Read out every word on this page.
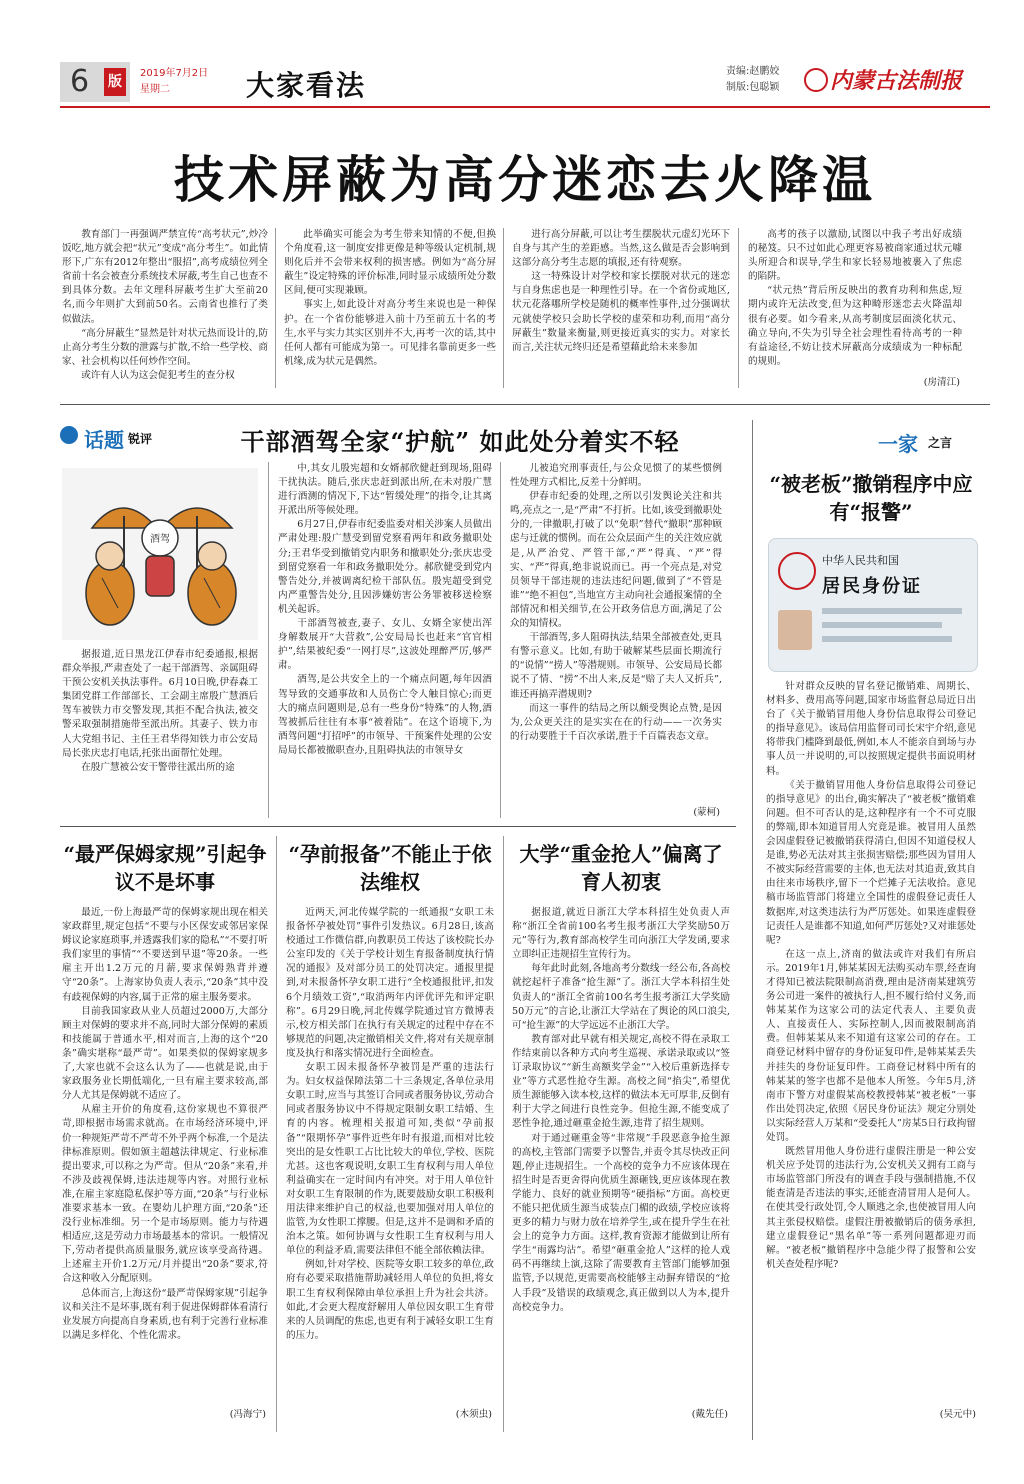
6 版
2019年7月2日
星期二	大家看法	责编:赵鹏姣
制版:包聪颖 内蒙古法制报
技术屏蔽为高分迷恋去火降温

教育部门一再强调严禁宣传“高考状元”,炒冷饭吃,地方就会把“状元”变成“高分考生”。如此情形下,广东有2012年整出“服招”,高考成绩位列全省前十名会被查分系统技术屏蔽,考生自己也查不到具体分数。去年文理科屏蔽考生扩大至前20名,而今年则扩大到前50名。云南省也推行了类似做法。

“高分屏蔽生”显然是针对状元热而设计的,防止高分考生分数的泄露与扩散,不给一些学校、商家、社会机构以任何炒作空间。

或许有人认为这会促犯考生的查分权

此举确实可能会为考生带来知情的不便,但换个角度看,这一制度安排更像是种等级认定机制,规则化后并不会带来权利的损害感。例如为“高分屏蔽生”设定特殊的评价标准,同时显示成绩所处分数区间,便可实现兼顾。

事实上,如此设计对高分考生来说也是一种保护。在一个省份能够进入前十乃至前五十名的考生,水平与实力其实区别并不大,再考一次的话,其中任何人都有可能成为第一。可见排名靠前更多一些机缘,成为状元是偶然。

进行高分屏蔽,可以让考生摆脱状元虚幻光环下自身与其产生的差距感。当然,这么做是否会影响到这部分高分考生志愿的填报,还有待观察。

这一特殊设计对学校和家长摆脱对状元的迷恋与自身焦虑也是一种理性引导。在一个省份或地区,状元花落哪所学校是随机的概率性事件,过分强调状元就使学校只会助长学校的虚荣和功利,而用“高分屏蔽生”数量来衡量,则更接近真实的实力。对家长而言,关注状元终归还是希望藉此给未来参加

高考的孩子以激励,试图以中我子考出好成绩的秘笈。只不过如此心理更容易被商家通过状元噱头所迎合和误导,学生和家长轻易地被裹入了焦虑的陷阱。

“状元热”背后所反映出的教育功利和焦虑,短期内或许无法改变,但为这种畸形迷恋去火降温却很有必要。如今看来,从高考制度层面淡化状元、确立导向,不失为引导全社会理性看待高考的一种有益途径,不妨让技术屏蔽高分成绩成为一种标配的规则。

(房清江)
话题 锐评	干部酒驾全家“护航” 如此处分着实不轻
酒驾

据报道,近日黑龙江伊春市纪委通报,根据群众举报,严肃查处了一起干部酒驾、亲属阻碍干预公安机关执法事件。6月10日晚,伊春森工集团党群工作部部长、工会副主席殷广慧酒后驾车被铁力市交警发现,其拒不配合执法,被交警采取强制措施带至派出所。其妻子、铁力市人大党组书记、主任王君华得知铁力市公安局局长张庆忠打电话,托张出面帮忙处理。

在殷广慧被公安干警带往派出所的途

中,其女儿殷宪超和女婿郝欣健赶到现场,阻碍干扰执法。随后,张庆忠赶到派出所,在未对殷广慧进行酒测的情况下,下达“暂缓处理”的指令,让其离开派出所等候处理。

6月27日,伊春市纪委监委对相关涉案人员做出严肃处理:殷广慧受到留党察看两年和政务撤职处分;王君华受到撤销党内职务和撤职处分;张庆忠受到留党察看一年和政务撤职处分。郝欣健受到党内警告处分,并被调离纪检干部队伍。殷宪超受到党内严重警告处分,且因涉嫌妨害公务罪被移送检察机关起诉。

干部酒驾被查,妻子、女儿、女婿全家使出浑身解数展开“大营救”,公安局局长也赶来“官官相护”,结果被纪委“一网打尽”,这波处理醉严厉,够严肃。

酒驾,是公共安全上的一个痛点问题,每年因酒驾导致的交通事故和人员伤亡令人触目惊心;而更大的痛点问题则是,总有一些身份“特殊”的人物,酒驾被抓后往往有本事“被着陆”。在这个语境下,为酒驾问题“打招呼”的市领导、干预案件处理的公安局局长都被撤职查办,且阻碍执法的市领导女

儿被追究刑事责任,与公众见惯了的某些惯例性处理方式相比,反差十分鲜明。

伊春市纪委的处理,之所以引发舆论关注和共鸣,亮点之一,是“严肃”不打折。比如,该受到撤职处分的,一律撤职,打破了以“免职”替代“撤职”那种顾虑与迁就的惯例。而在公众层面产生的关注效应就是,从严治党、严管干部,“严”得真、“严”得实、“严”得真,绝非说说而已。再一个亮点是,对党员领导干部违规的违法违纪问题,做到了“不管是谁”“绝不袒包”,当地宣方主动向社会通报案情的全部情况和相关细节,在公开政务信息方面,满足了公众的知情权。

干部酒驾,多人阻碍执法,结果全部被查处,更具有警示意义。比如,有助于破解某些层面长期流行的“说情”“捞人”等潜规则。市领导、公安局局长都说不了情、“捞”不出人来,反是“赔了夫人又折兵”,谁还再搞弄潜规则?

而这一事件的结局之所以颇受舆论点赞,是因为,公众更关注的是实实在在的行动——一次务实的行动要胜于千百次承诺,胜于千百篇表态文章。

(蒙柯)
一家 之言
“被老板”撤销程序中应有“报警”
中华人民共和国
居民身份证

针对群众反映的冒名登记撤销难、周期长、材料多、费用高等问题,国家市场监督总局近日出台了《关于撤销冒用他人身份信息取得公司登记的指导意见》。该局信用监督司司长宋宇介绍,意见将带我门槛降到最低,例如,本人不能亲自到场与办事人员一并说明的,可以按照规定提供书面说明材料。

《关于撤销冒用他人身份信息取得公司登记的指导意见》的出台,确实解决了“被老板”撤销难问题。但不可否认的是,这种程序有一个不可克服的弊端,即本知道冒用人究竟是谁。被冒用人虽然会因虚假登记被撤销获得清白,但因不知道侵权人是谁,势必无法对其主张损害赔偿;那些因为冒用人不被实际经营需要的主体,也无法对其追责,致其自由往来市场秩序,留下一个烂摊子无法收拾。意见稿市场监管部门将建立全国性的虚假登记责任人数据库,对这类违法行为严厉惩处。如果连虚假登记责任人是谁都不知道,如何严厉惩处?又对谁惩处呢?

在这一点上,济南的做法或许对我们有所启示。2019年1月,韩某某因无法购买动车票,经查询才得知已被法院限制高消费,理由是济南某建筑劳务公司进一案件的被执行人,担不履行给付义务,而韩某某作为这家公司的法定代表人、主要负责人、直接责任人、实际控制人,因而被限制高消费。但韩某某从来不知道有这家公司的存在。工商登记材料中留存的身份证复印件,是韩某某丢失并挂失的身份证复印件。工商登记材料中所有的韩某某的签字也都不是他本人所签。今年5月,济南市下警方对虚假某高校教授韩某“被老板”一事作出处罚决定,依照《居民身份证法》规定分别处以实际经营人万某和“受委托人”房某5日行政拘留处罚。

既然冒用他人身份进行虚假注册是一种公安机关应予处罚的违法行为,公安机关又拥有工商与市场监管部门所没有的调查手段与强制措施,不仅能查清是否违法的事实,还能查清冒用人是何人。在使其受行政处罚,令人顺逃之余,也使被冒用人向其主张侵权赔偿。虚假注册被撤销后的债务承担,建立虚假登记“黑名单”等一系列问题都迎刃而解。“被老板”撤销程序中急能少得了报警和公安机关查处程序呢?

(吴元中)
“最严保姆家规”引起争议不是坏事

最近,一份上海最严苛的保姆家规出现在相关家政群里,规定包括“不要与小区保安或邻居家保姆议论家庭琐事,并透露我们家的隐私”“不要打听我们家里的事情”“不要送到早退”等20条。一些雇主开出1.2万元的月薪,要求保姆熟背并遵守“20条”。上海家协负责人表示,“20条”其中没有歧视保姆的内容,属于正常的雇主服务要求。

目前我国家政从业人员超过2000万,大部分顾主对保姆的要求并不高,同时大部分保姆的素质和技能属于普通水平,相对而言,上海的这个“20条”确实堪称“最严苛”。如果类似的保姆家规多了,大家也就不会这么认为了——也就是说,由于家政服务业长期低端化,一旦有雇主要求较高,部分人尤其是保姆就不适应了。

从雇主开价的角度看,这份家规也不算很严苛,即根据市场需求就高。在市场经济环境中,评价一种规矩严苛不严苛不外乎两个标准,一个是法律标准原则。假如颁主超越法律规定、行业标准提出要求,可以称之为严苛。但从“20条”来看,并不涉及歧视保姆,违法违规等内容。对照行业标准,在雇主家庭隐私保护等方面,“20条”与行业标准要求基本一致。在婴幼儿护理方面,“20条”还没行业标准细。另一个是市场原则。能力与待遇相适应,这是劳动力市场最基本的常识。一般情况下,劳动者提供高质量服务,就应该享受高待遇。上述雇主开价1.2万元/月并提出“20条”要求,符合这种收入分配原则。

总体而言,上海这份“最严苛保姆家规”引起争议和关注不是坏事,既有利于促进保姆群体看清行业发展方向提高自身素质,也有利于完善行业标准以满足多样化、个性化需求。

(冯海宁)
“孕前报备”不能止于依法维权

近两天,河北传媒学院的一纸通报“女职工未报备怀孕被处罚”事件引发热议。6月28日,该高校通过工作微信群,向教职员工传达了该校院长办公室印发的《关于学校计划生育报备制度执行情况的通报》及对部分员工的处罚决定。通报里提到,对未报备怀孕女职工进行“全校通报批评,扣发6个月绩效工资”,“取消两年内评优评先和评定职称”。6月29日晚,河北传媒学院通过官方微博表示,校方相关部门在执行有关规定的过程中存在不够规范的问题,决定撤销相关文件,将对有关规章制度及执行和落实情况进行全面检查。

女职工因未报备怀孕被罚是严重的违法行为。妇女权益保障法第二十三条规定,各单位录用女职工时,应当与其签订合同或者服务协议,劳动合同或者服务协议中不得规定限制女职工结婚、生育的内容。梳理相关报道可知,类似“孕前报备”“限期怀孕”事件近些年时有报道,而相对比较突出的是女性职工占比比较大的单位,学校、医院尤甚。这也客观说明,女职工生育权利与用人单位利益确实在一定时间内有冲突。对于用人单位针对女职工生育限制的作为,既要鼓励女职工积极利用法律来维护自己的权益,也要加强对用人单位的监管,为女性职工撑腰。但是,这并不是调和矛盾的治本之策。如何协调与女性职工生育权利与用人单位的利益矛盾,需要法律但不能全部依赖法律。

例如,针对学校、医院等女职工较多的单位,政府有必要采取措施帮助减轻用人单位的负担,将女职工生育权利保障由单位承担上升为社会共济。如此,才会更大程度舒解用人单位因女职工生育带来的人员调配的焦虑,也更有利于减轻女职工生育的压力。

(木须虫)
大学“重金抢人”偏离了育人初衷

据报道,就近日浙江大学本科招生处负责人声称“浙江全省前100名考生报考浙江大学奖励50万元”等行为,教育部高校学生司向浙江大学发函,要求立即纠正违规招生宣传行为。

每年此时此刻,各地高考分数线一经公布,各高校就挖起杆子准备“抢生源”了。浙江大学本科招生处负责人的“浙江全省前100名考生报考浙江大学奖励50万元”的言论,让浙江大学站在了舆论的风口浪尖,可“抢生源”的大学远远不止浙江大学。

教育部对此早就有相关规定,高校不得在录取工作结束前以各种方式向考生巡视、承诺录取或以“签订录取协议”“新生高额奖学金”“入校后重新选择专业”等方式恶性抢夺生源。高校之间“掐尖”,希望优质生源能够入读本校,这样的做法本无可厚非,反倒有利于大学之间进行良性竞争。但抢生源,不能变成了恶性争抢,通过砸重金抢生源,违背了招生规则。

对于通过砸重金等“非常规”手段恶意争抢生源的高校,主管部门需要予以警告,并责令其尽快改正问题,停止违规招生。一个高校的竞争力不应该体现在招生时是否更舍得向优质生源砸钱,更应该体现在教学能力、良好的就业预期等“硬指标”方面。高校更不能只把优质生源当成装点门楣的政绩,学校应该将更多的精力与财力放在培养学生,或在提升学生在社会上的竞争力方面。这样,教育资源才能做到让所有学生“雨露均沾”。希望“砸重金抢人”这样的抢人戏码不再继续上演,这除了需要教育主管部门能够加强监管,予以规范,更需要高校能够主动摒弃错误的“抢人手段”及错误的政绩观念,真正做到以人为本,提升高校竞争力。

(戴先任)
